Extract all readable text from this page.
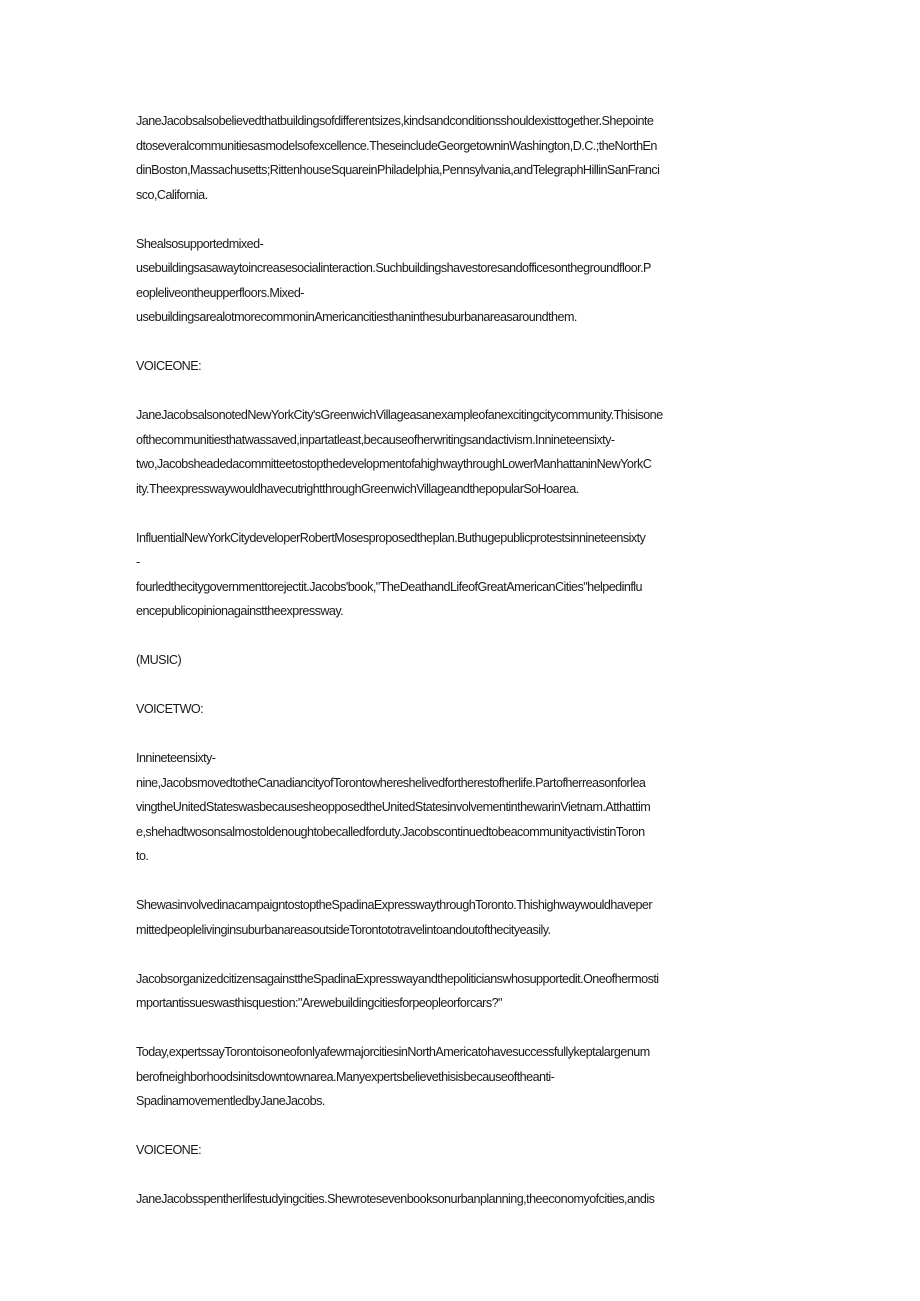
JaneJacobsalsobelievedthatbuildingsofdifferentsizes,kindsandconditionsshouldexisttogether.Shepointe
dtoseveralcommunitiesasmodelsofexcellence.TheseincludeGeorgetowninWashington,D.C.;theNorthEn
dinBoston,Massachusetts;RittenhouseSquareinPhiladelphia,Pennsylvania,andTelegraphHillinSanFranci
sco,California.

Shealsosupportedmixed-
usebuildingsasawaytoincreasesocialinteraction.Suchbuildingshavestoresandofficesonthegroundfloor.P
eopleliveontheupperfloors.Mixed-
usebuildingsarealotmorecommoninAmericancitiesthaninthesuburbanareasaroundthem.

VOICEONE:

JaneJacobsalsonotedNewYorkCity'sGreenwichVillageasanexampleofanexcitingcitycommunity.Thisisone
ofthecommunitiesthatwassaved,inpartatleast,becauseofherwritingsandactivism.Innineteensixty-
two,JacobsheadedacommitteetostopthedevelopmentofahighwaythroughLowerManhattaninNewYorkC
ity.TheexpresswaywouldhavecutrightthroughGreenwichVillageandthepopularSoHoarea.

InfluentialNewYorkCitydeveloperRobertMosesproposedtheplan.Buthugepublicprotestsinnineteensixty
-
fourledthecitygovernmenttorejectit.Jacobs'book,"TheDeathandLifeofGreatAmericanCities"helpedinflu
encepublicopinionagainsttheexpressway.

(MUSIC)

VOICETWO:

Innineteensixty-
nine,JacobsmovedtotheCanadiancityofTorontowhereshelivedfortherestofherlife.Partofherreasonforlea
vingtheUnitedStateswasbecausesheopposedtheUnitedStatesinvolvementinthewarinVietnam.Atthattim
e,shehadtwosonsalmostoldenoughtobecalledforduty.JacobscontinuedtobeacommunityactivistinToron
to.

ShewasinvolvedinacampaigntostoptheSpadinaExpresswaythroughToronto.Thishighwaywouldhaveper
mittedpeoplelivinginsuburbanareasoutsideTorontototravelintoandoutofthecityeasily.

JacobsorganizedcitizensagainsttheSpadinaExpresswayandthepoliticianswhosupportedit.Oneofhermosti
mportantissueswasthisquestion:"Arewebuildingcitiesforpeopleorforcars?"

Today,expertssayTorontoisoneofonlyafewmajorcitiesinNorthAmericatohavesuccessfullykeptalargenum
berofneighborhoodsinitsdowntownarea.Manyexpertsbelievethisisbecauseoftheanti-
SpadinamovementledbyJaneJacobs.

VOICEONE:

JaneJacobsspentherlifestudyingcities.Shewrotesevenbooksonurbanplanning,theeconomyofcities,andis
